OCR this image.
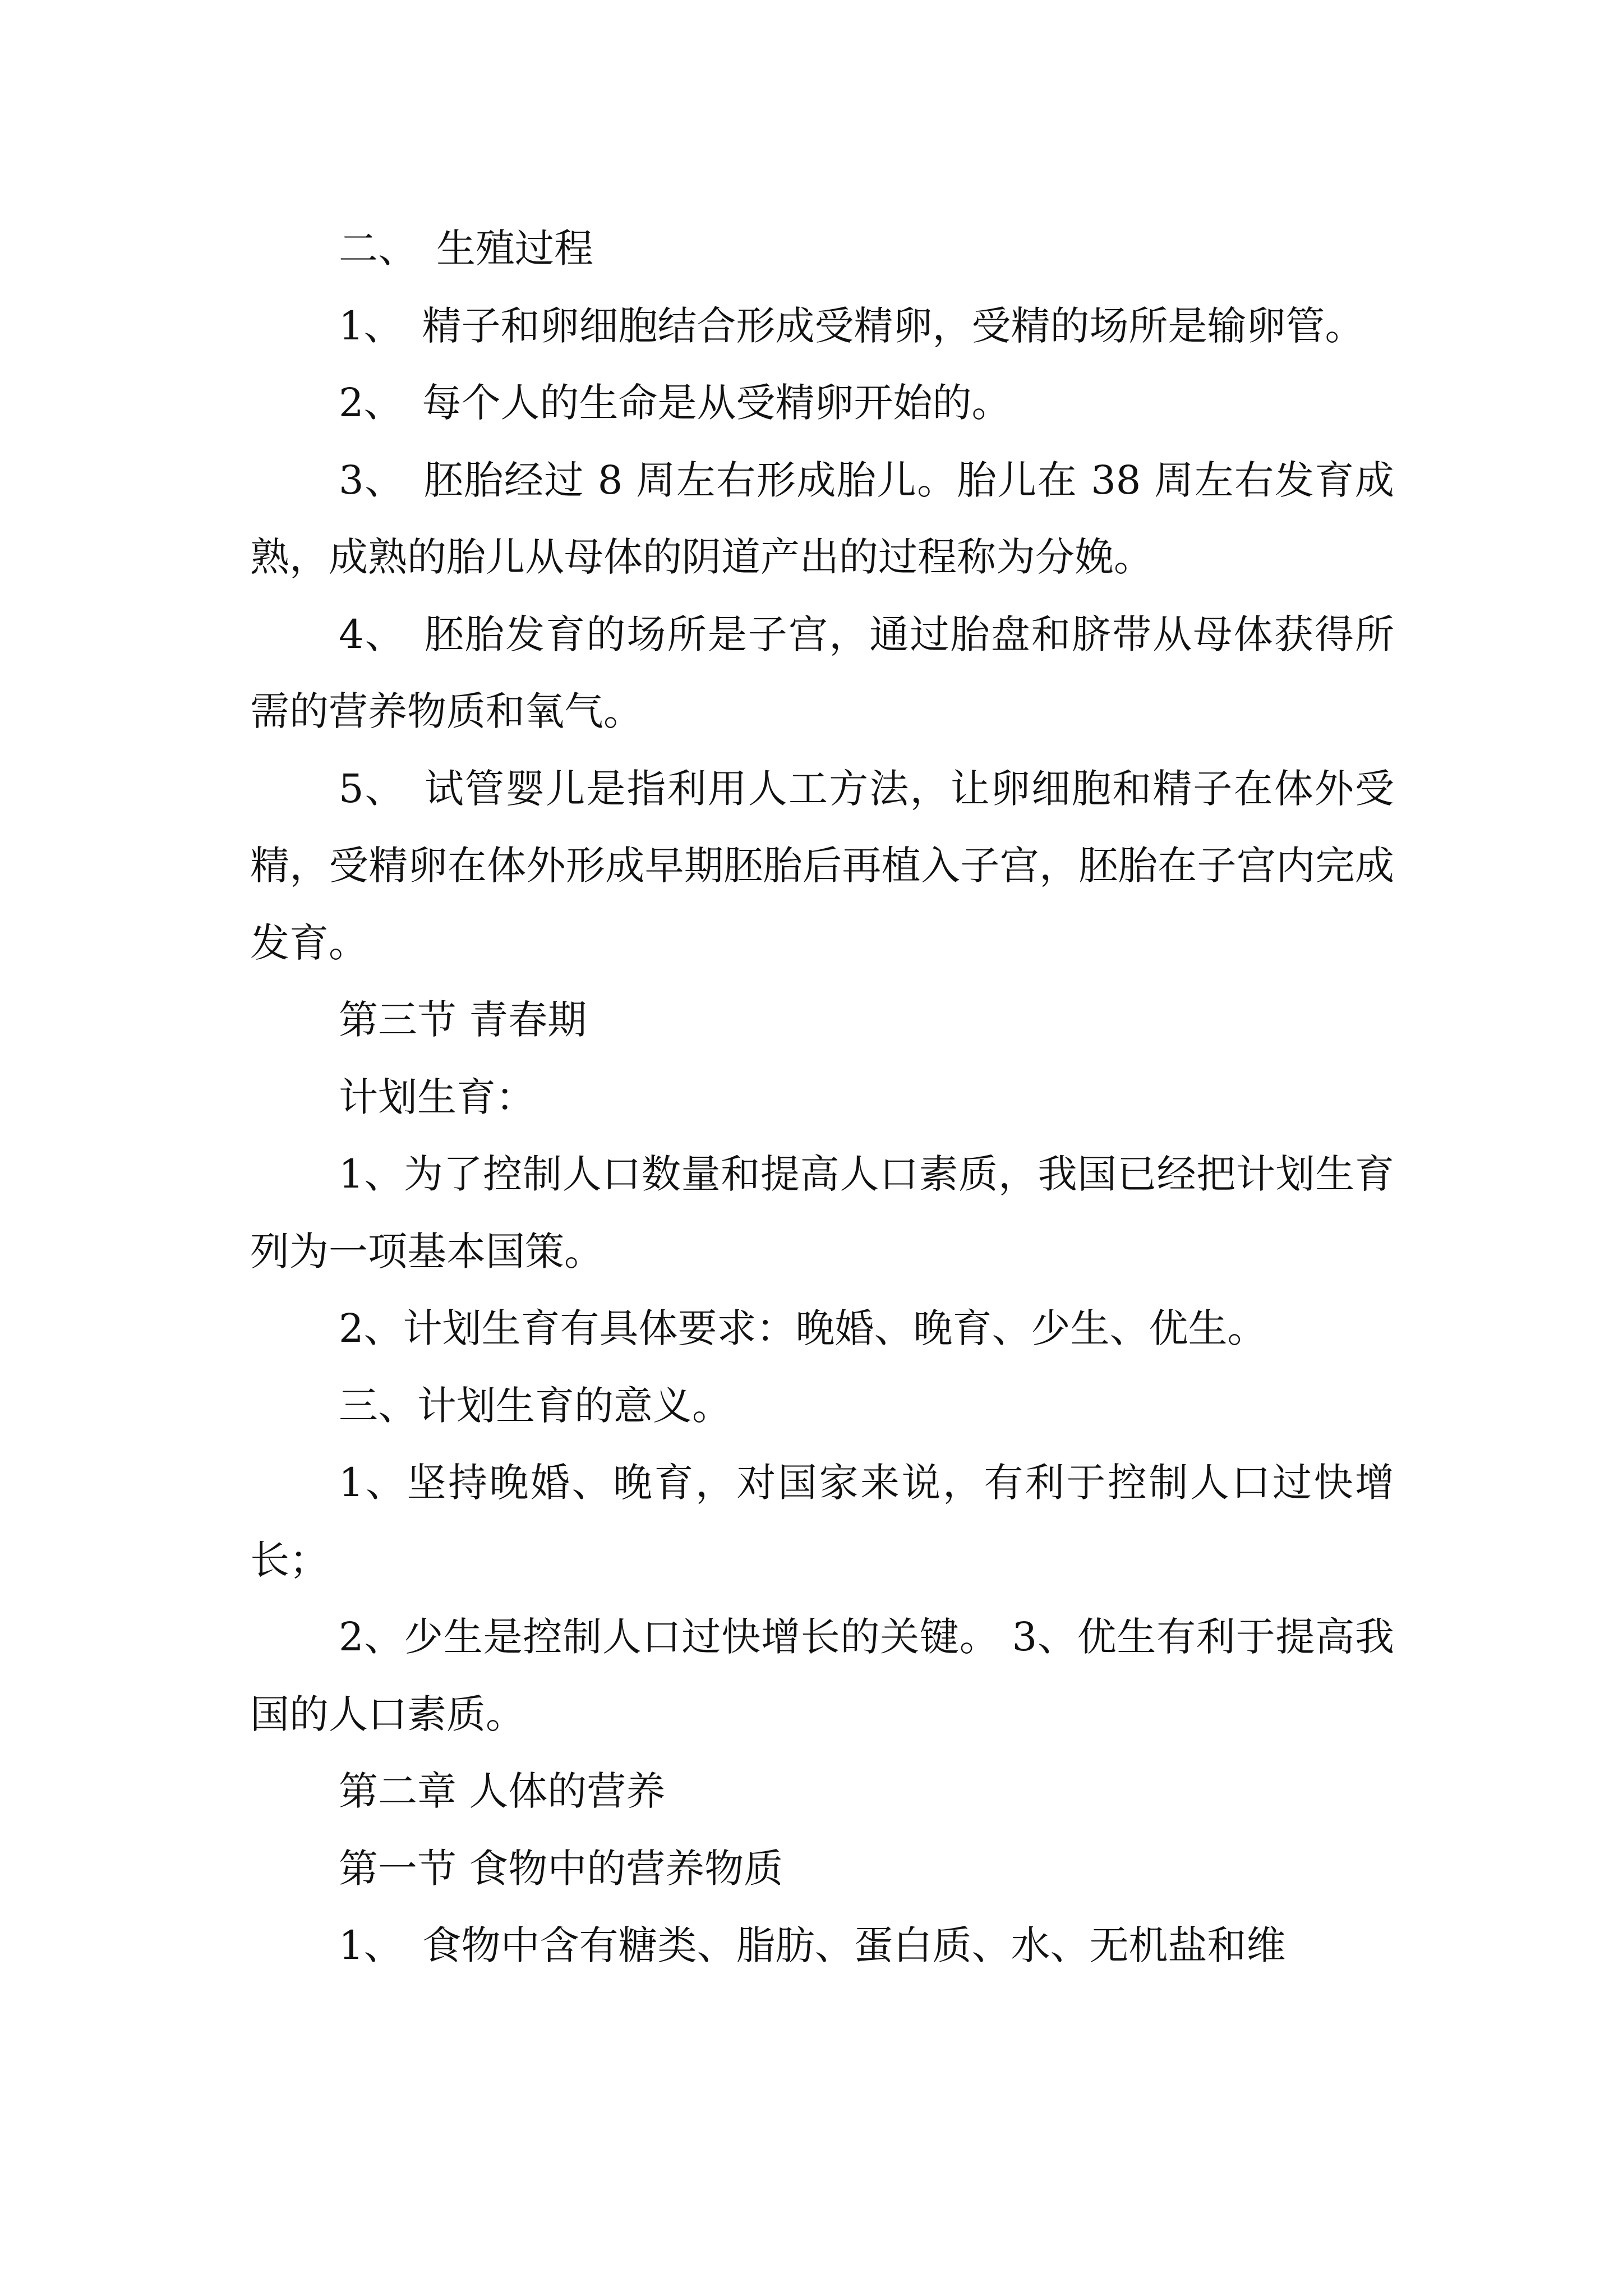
二、 生殖过程

1、 精子和卵细胞结合形成受精卵，受精的场所是输卵管。

2、 每个人的生命是从受精卵开始的。

3、 胚胎经过 8 周左右形成胎儿。胎儿在 38 周左右发育成熟，成熟的胎儿从母体的阴道产出的过程称为分娩。

4、 胚胎发育的场所是子宫，通过胎盘和脐带从母体获得所需的营养物质和氧气。

5、 试管婴儿是指利用人工方法，让卵细胞和精子在体外受精，受精卵在体外形成早期胚胎后再植入子宫，胚胎在子宫内完成发育。

第三节 青春期

计划生育：

1、为了控制人口数量和提高人口素质，我国已经把计划生育列为一项基本国策。

2、计划生育有具体要求：晚婚、晚育、少生、优生。

三、计划生育的意义。

1、坚持晚婚、晚育，对国家来说，有利于控制人口过快增长；

2、少生是控制人口过快增长的关键。 3、优生有利于提高我国的人口素质。

第二章 人体的营养

第一节 食物中的营养物质

1、 食物中含有糖类、脂肪、蛋白质、水、无机盐和维
